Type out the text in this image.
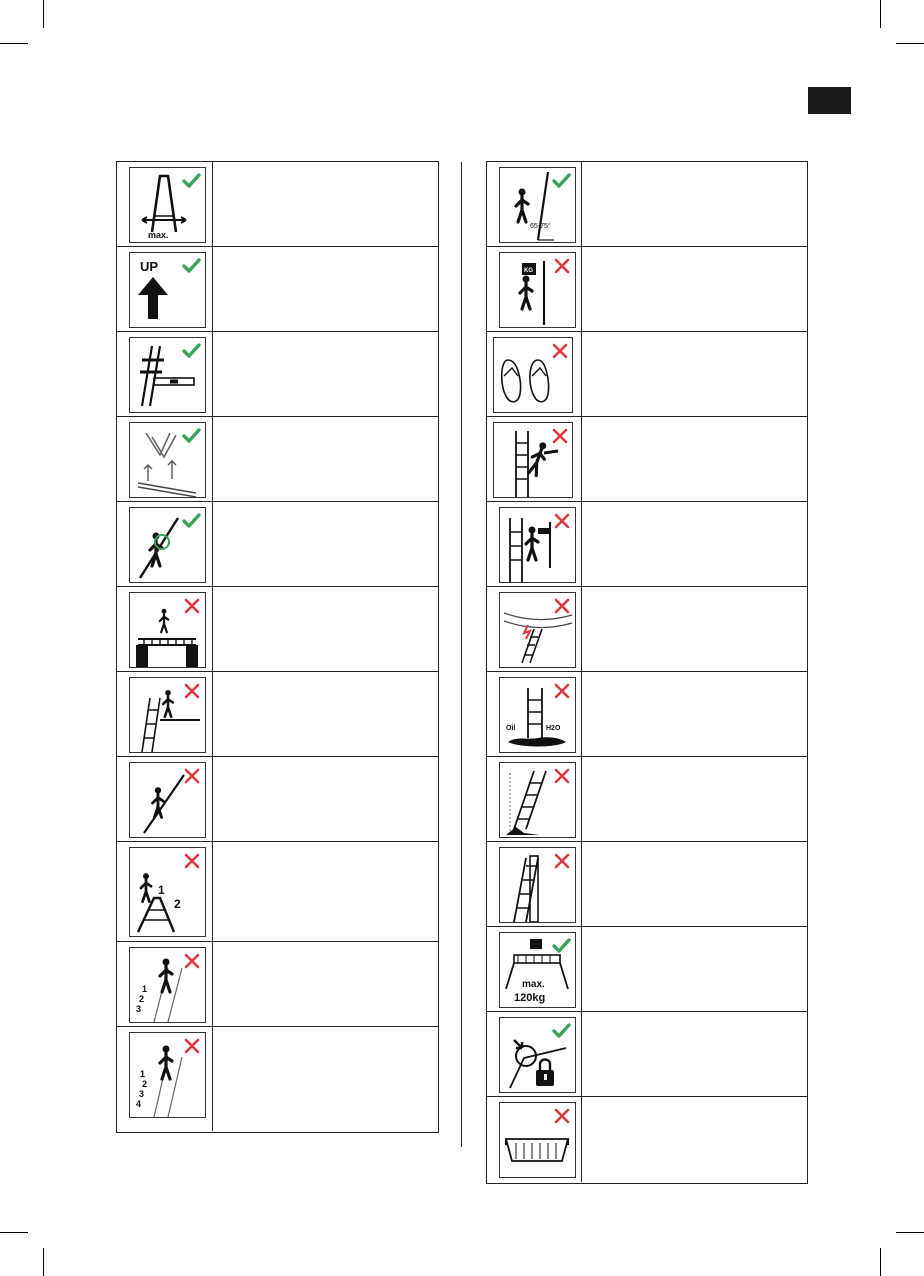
max.
UP
1
2
1
2
3
1
2
3
4
65-75°
KG
Oil	H2O
max.
120kg
